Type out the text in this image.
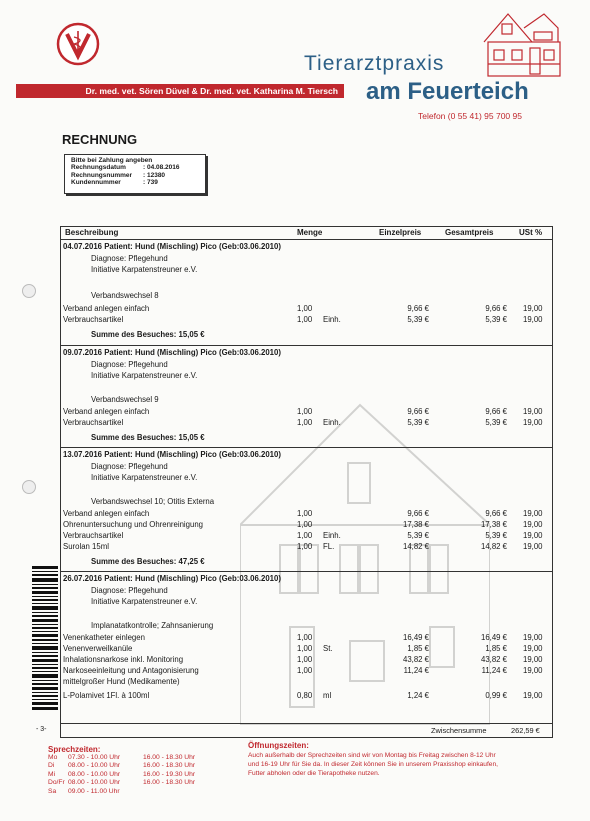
Dr. med. vet. Sören Düvel & Dr. med. vet. Katharina M. Tiersch
Tierarztpraxis
am Feuerteich
Telefon (0 55 41) 95 700 95
RECHNUNG
Bitte bei Zahlung angeben
Rechnungsdatum	: 04.08.2016
Rechnungsnummer	: 12380
Kundennummer	: 739
- 3-
Beschreibung	Menge	Einzelpreis	Gesamtpreis	USt %
04.07.2016 Patient: Hund (Mischling) Pico (Geb:03.06.2010)
Diagnose: Pflegehund
Initiative Karpatenstreuner e.V.
Verbandswechsel 8
Verband anlegen einfach	1,00	9,66 €	9,66 € 19,00
Verbrauchsartikel	1,00 Einh.	5,39 €	5,39 € 19,00
Summe des Besuches: 15,05 €
09.07.2016 Patient: Hund (Mischling) Pico (Geb:03.06.2010)
Diagnose: Pflegehund
Initiative Karpatenstreuner e.V.
Verbandswechsel 9
Verband anlegen einfach	1,00	9,66 €	9,66 € 19,00
Verbrauchsartikel	1,00 Einh.	5,39 €	5,39 € 19,00
Summe des Besuches: 15,05 €
13.07.2016 Patient: Hund (Mischling) Pico (Geb:03.06.2010)
Diagnose: Pflegehund
Initiative Karpatenstreuner e.V.
Verbandswechsel 10; Otitis Externa
Verband anlegen einfach	1,00	9,66 €	9,66 € 19,00
Ohrenuntersuchung und Ohrenreinigung	1,00	17,38 €	17,38 € 19,00
Verbrauchsartikel	1,00 Einh.	5,39 €	5,39 € 19,00
Surolan 15ml	1,00 FL.	14,82 €	14,82 € 19,00
Summe des Besuches: 47,25 €
26.07.2016 Patient: Hund (Mischling) Pico (Geb:03.06.2010)
Diagnose: Pflegehund
Initiative Karpatenstreuner e.V.
Implanatatkontrolle; Zahnsanierung
Venenkatheter einlegen	1,00	16,49 €	16,49 € 19,00
Venenverweilkanüle	1,00 St.	1,85 €	1,85 € 19,00
Inhalationsnarkose inkl. Monitoring	1,00	43,82 €	43,82 € 19,00
Narkoseeinleitung und Antagonisierung
mittelgroßer Hund (Medikamente)
1,00	11,24 €	11,24 € 19,00
L-Polamivet 1Fl. à 100ml	0,80 ml	1,24 €	0,99 € 19,00
Zwischensumme	262,59 €
Sprechzeiten:
Mo	07.30 - 10.00 Uhr	16.00 - 18.30 Uhr
Di	08.00 - 10.00 Uhr	16.00 - 18.30 Uhr
Mi	08.00 - 10.00 Uhr	16.00 - 19.30 Uhr
Do/Fr 08.00 - 10.00 Uhr	16.00 - 18.30 Uhr
Sa	09.00 - 11.00 Uhr
Öffnungszeiten:
Auch außerhalb der Sprechzeiten sind wir von Montag bis Freitag zwischen 8-12 Uhr
und 16-19 Uhr für Sie da. In dieser Zeit können Sie in unserem Praxisshop einkaufen,
Futter abholen oder die Tierapotheke nutzen.
